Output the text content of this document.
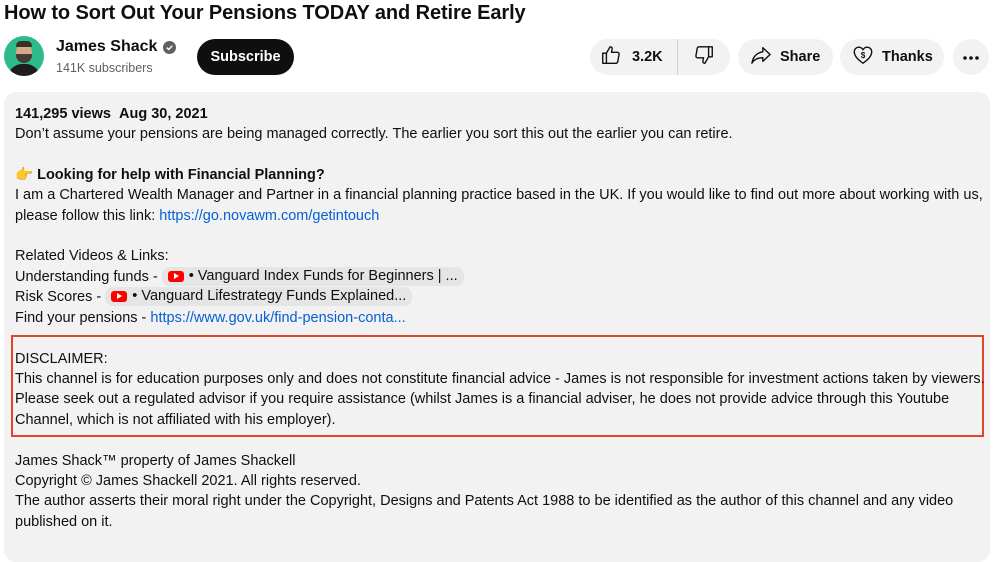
How to Sort Out Your Pensions TODAY and Retire Early
James Shack
141K subscribers
Subscribe	3.2K	Share	$ Thanks
141,295 views Aug 30, 2021
Don’t assume your pensions are being managed correctly. The earlier you sort this out the earlier you can retire.
👉 Looking for help with Financial Planning?
I am a Chartered Wealth Manager and Partner in a financial planning practice based in the UK. If you would like to find out more about working with us,
please follow this link: https://go.novawm.com/getintouch
Related Videos & Links:
Understanding funds - • Vanguard Index Funds for Beginners | ...
Risk Scores - • Vanguard Lifestrategy Funds Explained...
Find your pensions - https://www.gov.uk/find-pension-conta...
DISCLAIMER:
This channel is for education purposes only and does not constitute financial advice - James is not responsible for investment actions taken by viewers.
Please seek out a regulated advisor if you require assistance (whilst James is a financial adviser, he does not provide advice through this Youtube
Channel, which is not affiliated with his employer).
James Shack™ property of James Shackell
Copyright © James Shackell 2021. All rights reserved.
The author asserts their moral right under the Copyright, Designs and Patents Act 1988 to be identified as the author of this channel and any video
published on it.
